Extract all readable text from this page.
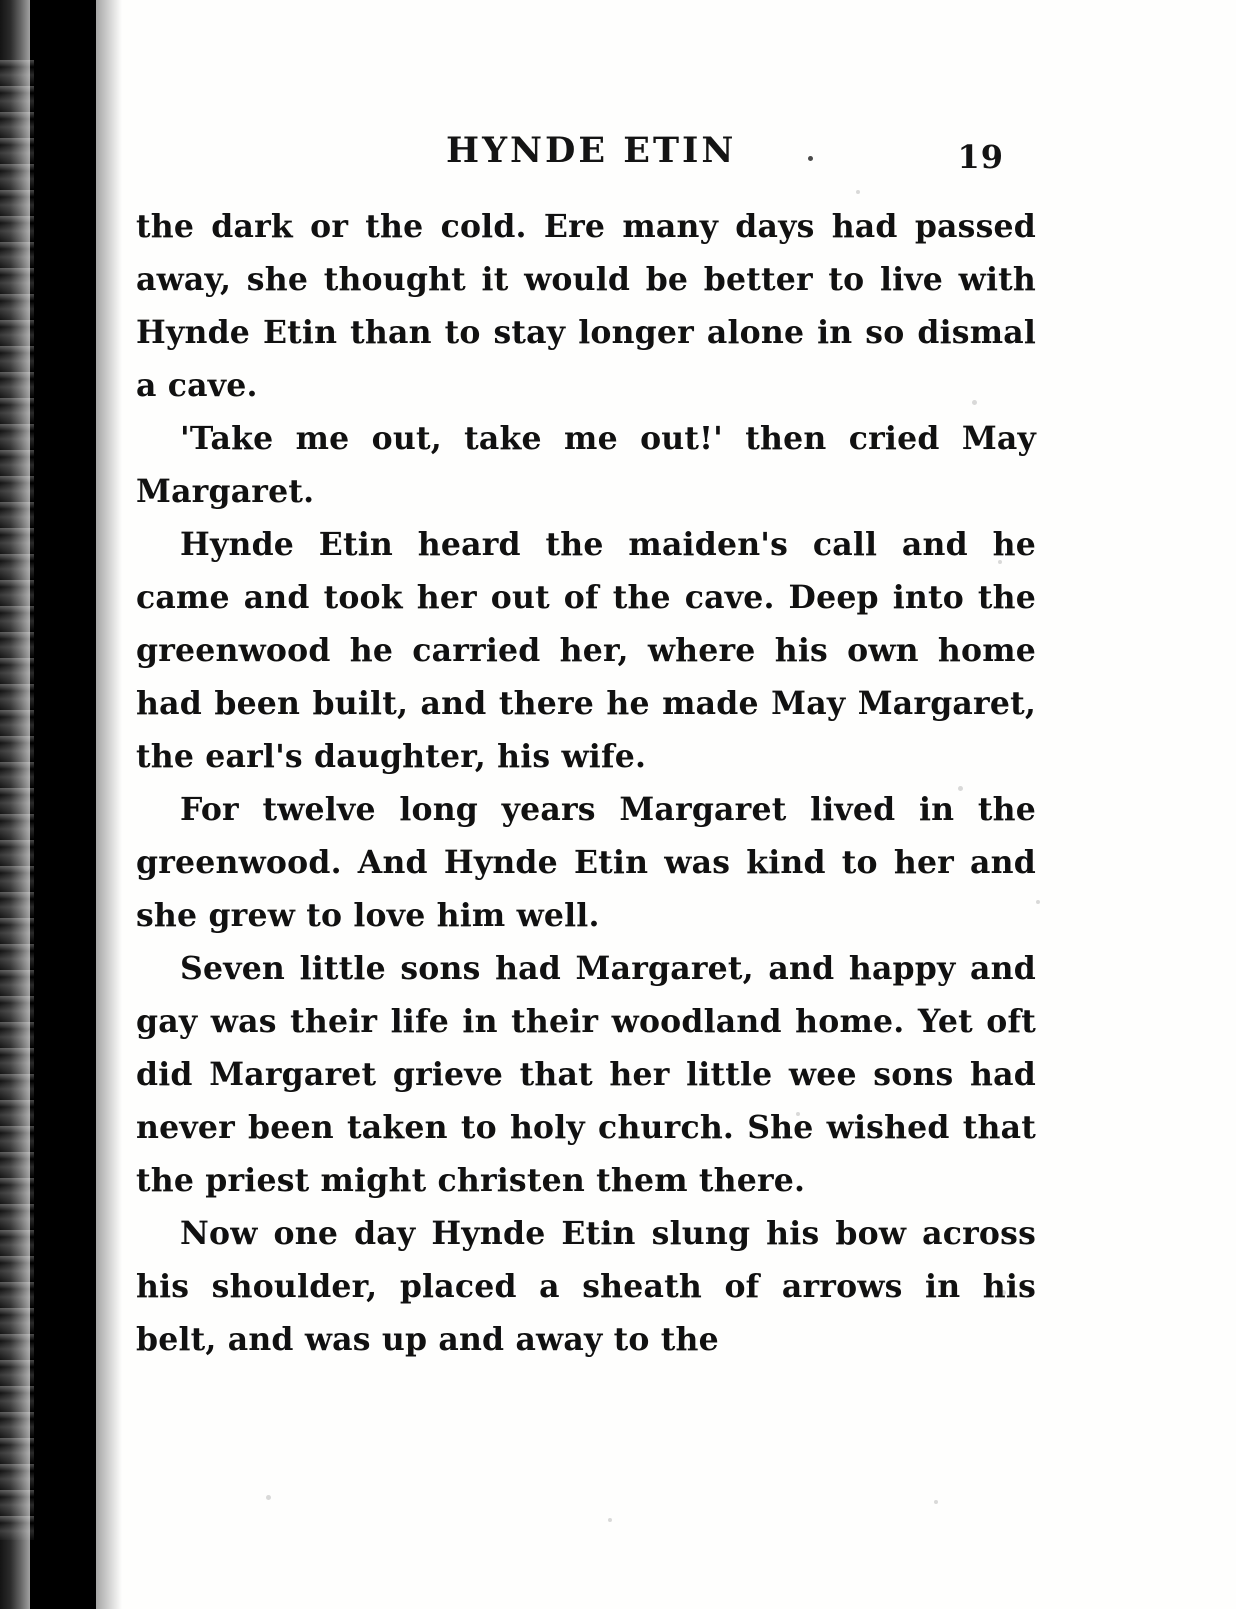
HYNDE ETIN	19

the dark or the cold. Ere many days had passed away, she thought it would be better to live with Hynde Etin than to stay longer alone in so dismal a cave.

'Take me out, take me out!' then cried May Margaret.

Hynde Etin heard the maiden's call and he came and took her out of the cave. Deep into the greenwood he carried her, where his own home had been built, and there he made May Margaret, the earl's daughter, his wife.

For twelve long years Margaret lived in the greenwood. And Hynde Etin was kind to her and she grew to love him well.

Seven little sons had Margaret, and happy and gay was their life in their woodland home. Yet oft did Margaret grieve that her little wee sons had never been taken to holy church. She wished that the priest might christen them there.

Now one day Hynde Etin slung his bow across his shoulder, placed a sheath of arrows in his belt, and was up and away to the
